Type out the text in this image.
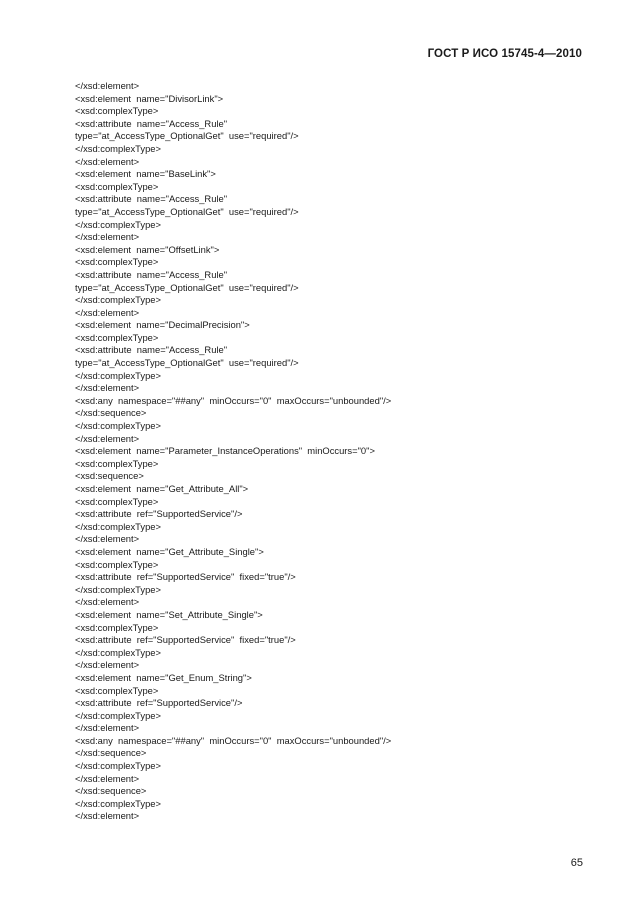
ГОСТ Р ИСО 15745-4—2010
</xsd:element>
<xsd:element  name="DivisorLink">
<xsd:complexType>
<xsd:attribute  name="Access_Rule"
type="at_AccessType_OptionalGet"  use="required"/>
</xsd:complexType>
</xsd:element>
<xsd:element  name="BaseLink">
<xsd:complexType>
<xsd:attribute  name="Access_Rule"
type="at_AccessType_OptionalGet"  use="required"/>
</xsd:complexType>
</xsd:element>
<xsd:element  name="OffsetLink">
<xsd:complexType>
<xsd:attribute  name="Access_Rule"
type="at_AccessType_OptionalGet"  use="required"/>
</xsd:complexType>
</xsd:element>
<xsd:element  name="DecimalPrecision">
<xsd:complexType>
<xsd:attribute  name="Access_Rule"
type="at_AccessType_OptionalGet"  use="required"/>
</xsd:complexType>
</xsd:element>
<xsd:any  namespace="##any"  minOccurs="0"  maxOccurs="unbounded"/>
</xsd:sequence>
</xsd:complexType>
</xsd:element>
<xsd:element  name="Parameter_InstanceOperations"  minOccurs="0">
<xsd:complexType>
<xsd:sequence>
<xsd:element  name="Get_Attribute_All">
<xsd:complexType>
<xsd:attribute  ref="SupportedService"/>
</xsd:complexType>
</xsd:element>
<xsd:element  name="Get_Attribute_Single">
<xsd:complexType>
<xsd:attribute  ref="SupportedService"  fixed="true"/>
</xsd:complexType>
</xsd:element>
<xsd:element  name="Set_Attribute_Single">
<xsd:complexType>
<xsd:attribute  ref="SupportedService"  fixed="true"/>
</xsd:complexType>
</xsd:element>
<xsd:element  name="Get_Enum_String">
<xsd:complexType>
<xsd:attribute  ref="SupportedService"/>
</xsd:complexType>
</xsd:element>
<xsd:any  namespace="##any"  minOccurs="0"  maxOccurs="unbounded"/>
</xsd:sequence>
</xsd:complexType>
</xsd:element>
</xsd:sequence>
</xsd:complexType>
</xsd:element>
65
